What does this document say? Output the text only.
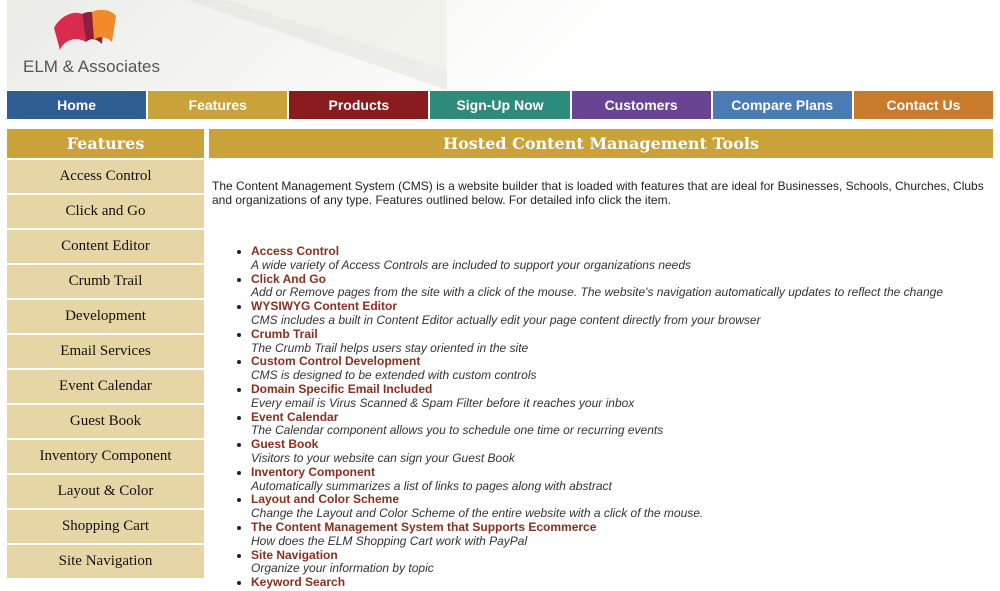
ELM & Associates
Home	Features	Products	Sign-Up Now	Customers	Compare Plans	Contact Us
Features
Access Control
Click and Go
Content Editor
Crumb Trail
Development
Email Services
Event Calendar
Guest Book
Inventory Component
Layout & Color
Shopping Cart
Site Navigation
Hosted Content Management Tools
The Content Management System (CMS) is a website builder that is loaded with features that are ideal for Businesses, Schools, Churches, Clubs and organizations of any type. Features outlined below. For detailed info click the item.
• Access Control
A wide variety of Access Controls are included to support your organizations needs
• Click And Go
Add or Remove pages from the site with a click of the mouse. The website's navigation automatically updates to reflect the change
• WYSIWYG Content Editor
CMS includes a built in Content Editor actually edit your page content directly from your browser
• Crumb Trail
The Crumb Trail helps users stay oriented in the site
• Custom Control Development
CMS is designed to be extended with custom controls
• Domain Specific Email Included
Every email is Virus Scanned & Spam Filter before it reaches your inbox
• Event Calendar
The Calendar component allows you to schedule one time or recurring events
• Guest Book
Visitors to your website can sign your Guest Book
• Inventory Component
Automatically summarizes a list of links to pages along with abstract
• Layout and Color Scheme
Change the Layout and Color Scheme of the entire website with a click of the mouse.
• The Content Management System that Supports Ecommerce
How does the ELM Shopping Cart work with PayPal
• Site Navigation
Organize your information by topic
• Keyword Search
